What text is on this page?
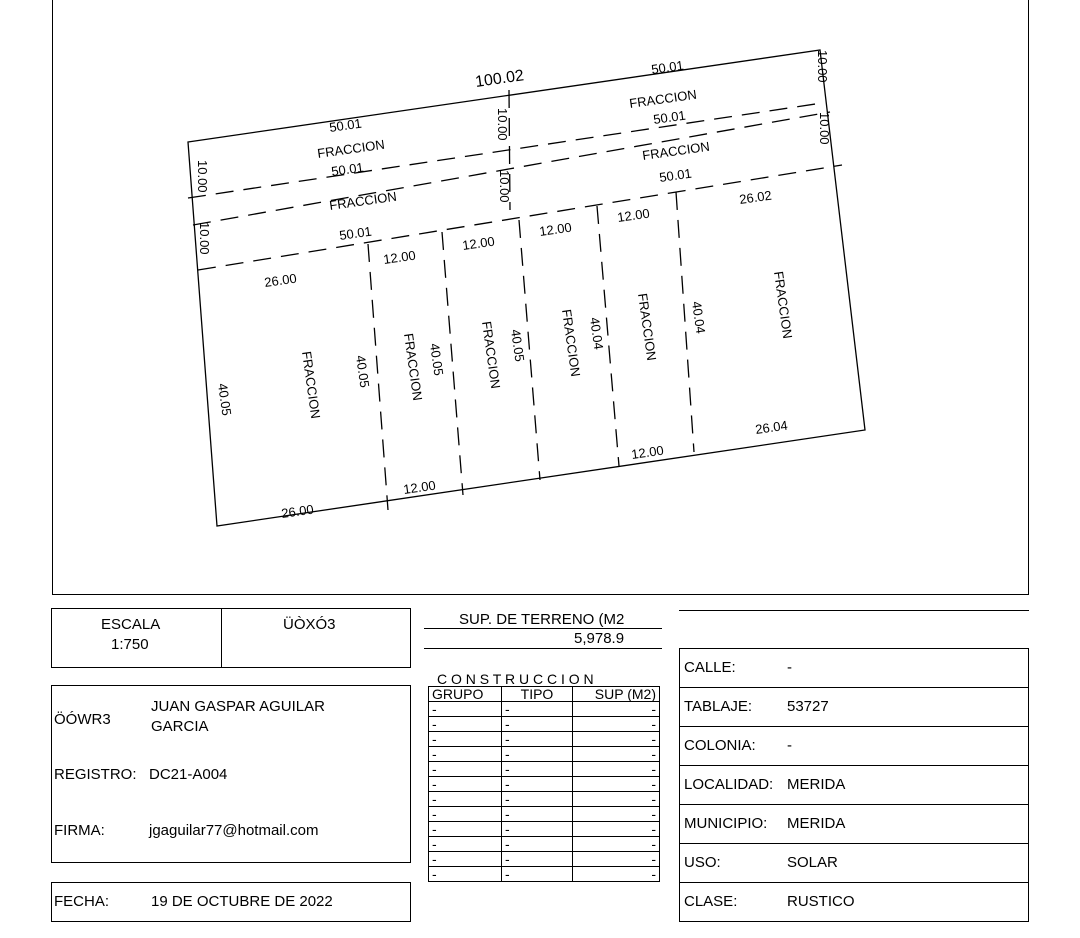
100.02
50.01
FRACCION
50.01
FRACCION
50.01
50.01
FRACCION
50.01
FRACCION
50.01
10.00
10.00
10.00
10.00
10.00
10.00
26.00
26.00
40.05	FRACCION
12.00
40.05 FRACCION
12.00
12.00
40.05	FRACCION
12.00
40.05 FRACCION
12.00
40.04 FRACCION
12.00
40.04
26.02
FRACCION
26.04
ESCALA
1:750
ÜÒXÓ3
ÖÓWR3
JUAN GASPAR AGUILAR
GARCIA
REGISTRO: DC21-A004
FIRMA:	jgaguilar77@hotmail.com
FECHA:	19 DE OCTUBRE DE 2022
SUP. DE TERRENO (M2
5,978.9
C O N S T R U C C I O N
GRUPO	TIPO	SUP (M2)
-	-	-
-	-	-
-	-	-
-	-	-
-	-	-
-	-	-
-	-	-
-	-	-
-	-	-
-	-	-
-	-	-
-	-	-
CALLE:	-
TABLAJE: 53727
COLONIA: -
LOCALIDAD: MERIDA
MUNICIPIO: MERIDA
USO:	SOLAR
CLASE:	RUSTICO
